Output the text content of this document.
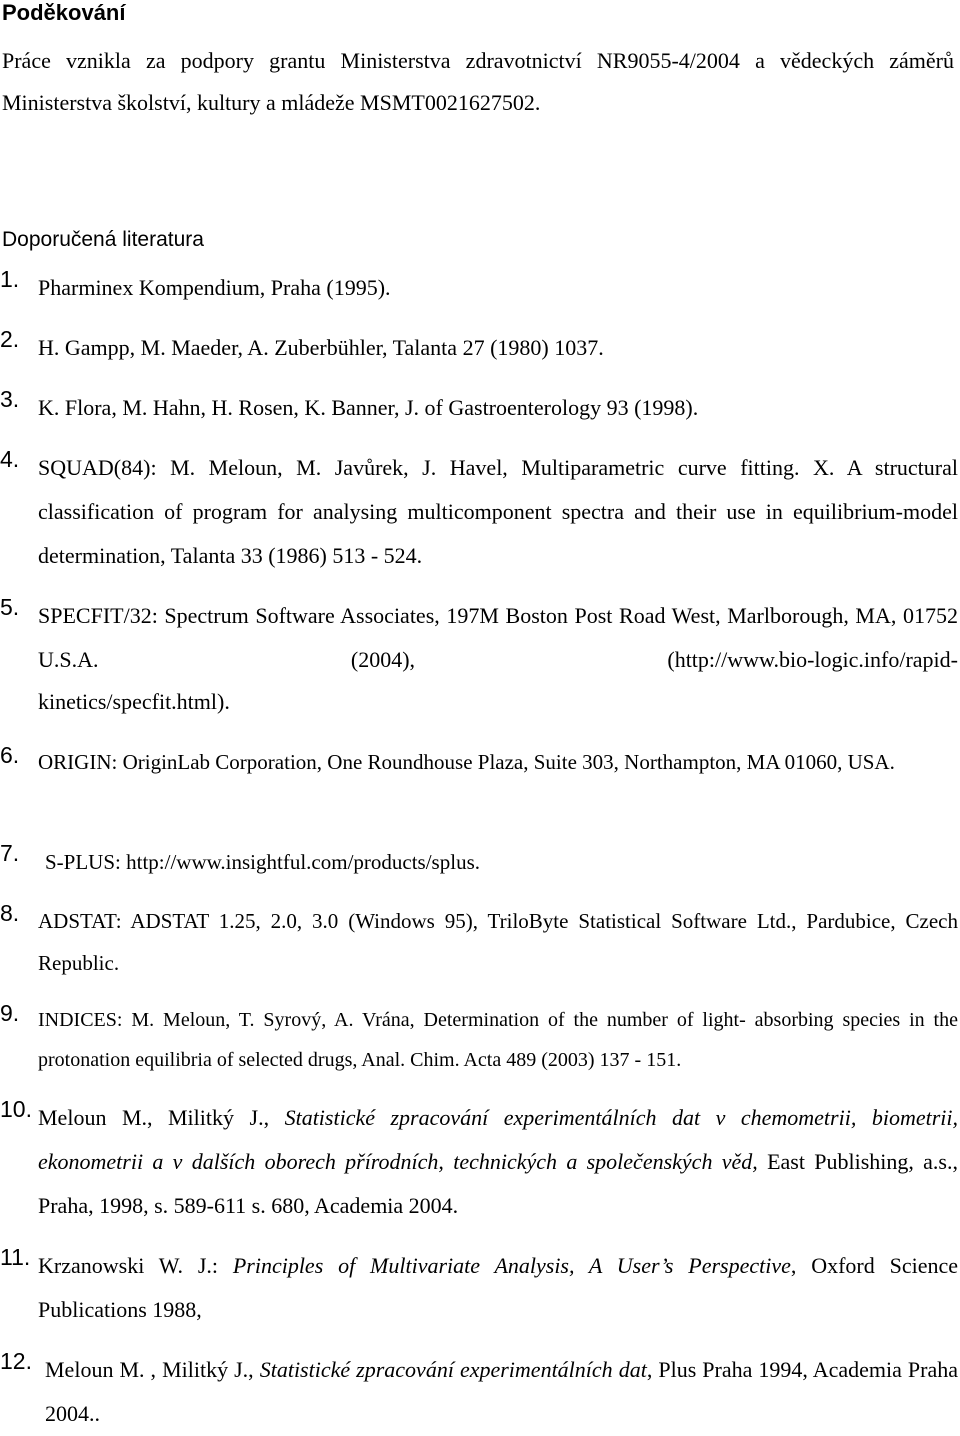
Poděkování

Práce vznikla za podpory grantu Ministerstva zdravotnictví NR9055-4/2004 a vědeckých záměrů Ministerstva školství, kultury a mládeže MSMT0021627502.

Doporučená literatura
1. Pharminex Kompendium, Praha (1995).
2. H. Gampp, M. Maeder, A. Zuberbühler, Talanta 27 (1980) 1037.
3. K. Flora, M. Hahn, H. Rosen, K. Banner, J. of Gastroenterology 93 (1998).
4. SQUAD(84): M. Meloun, M. Javůrek, J. Havel, Multiparametric curve fitting. X. A structural classification of program for analysing multicomponent spectra and their use in equilibrium-model determination, Talanta 33 (1986) 513 - 524.
5. SPECFIT/32: Spectrum Software Associates, 197M Boston Post Road West, Marlborough, MA, 01752 U.S.A. (2004), (http://www.bio-logic.info/rapid-
kinetics/specfit.html).
6. ORIGIN: OriginLab Corporation, One Roundhouse Plaza, Suite 303, Northampton, MA 01060, USA.
7. S-PLUS: http://www.insightful.com/products/splus.
8. ADSTAT: ADSTAT 1.25, 2.0, 3.0 (Windows 95), TriloByte Statistical Software Ltd., Pardubice, Czech Republic.
9. INDICES: M. Meloun, T. Syrový, A. Vrána, Determination of the number of light- absorbing species in the protonation equilibria of selected drugs, Anal. Chim. Acta 489 (2003) 137 - 151.
10. Meloun M., Militký J., Statistické zpracování experimentálních dat v chemometrii, biometrii, ekonometrii a v dalších oborech přírodních, technických a společenských věd, East Publishing, a.s., Praha, 1998, s. 589-611 s. 680, Academia 2004.
11. Krzanowski W. J.: Principles of Multivariate Analysis, A User’s Perspective, Oxford Science Publications 1988,
12. Meloun M. , Militký J., Statistické zpracování experimentálních dat, Plus Praha 1994, Academia Praha 2004..
